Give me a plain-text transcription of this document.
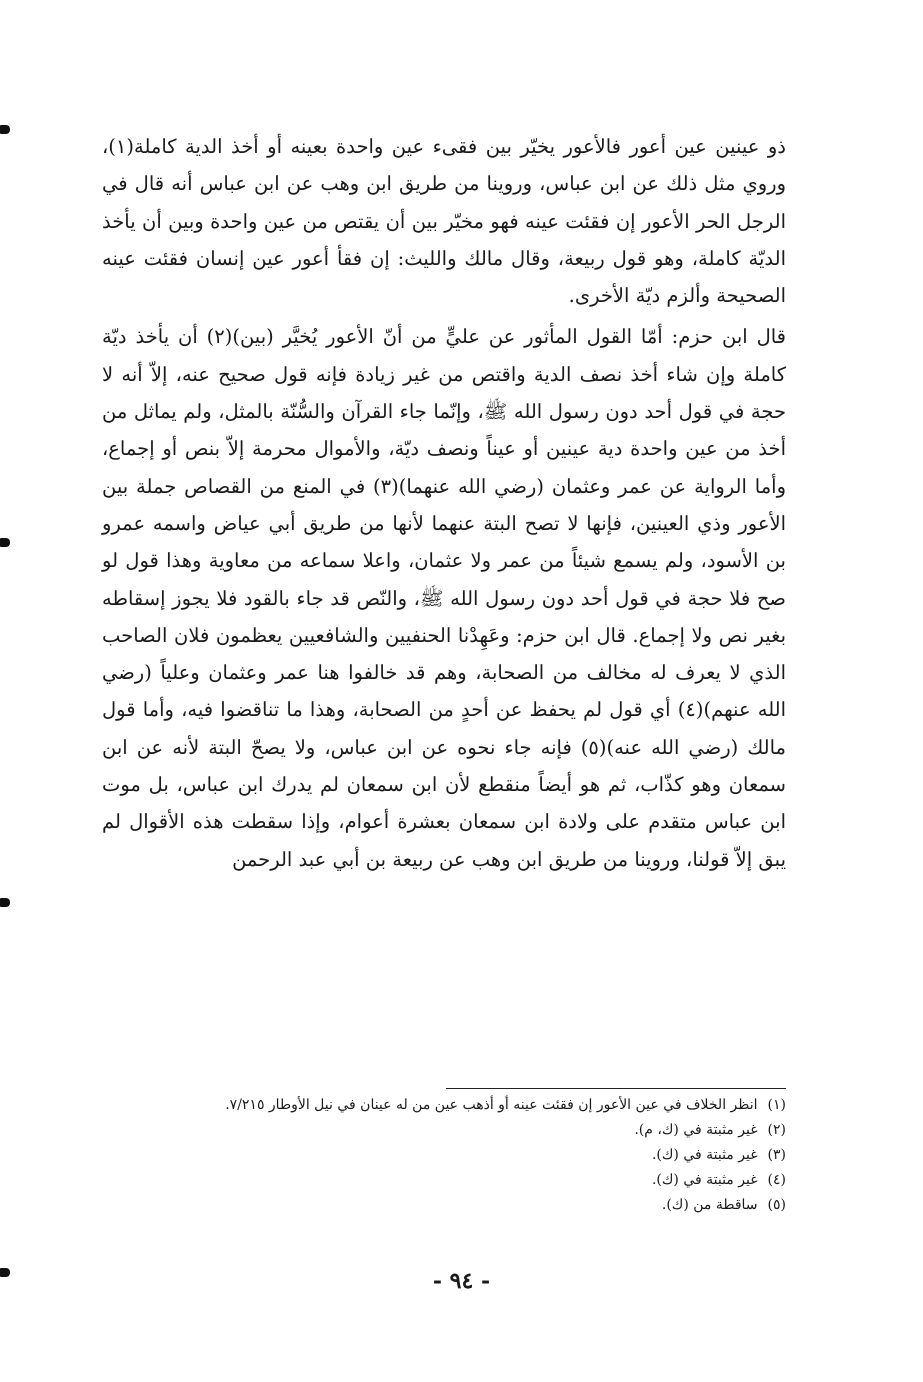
ذو عينين عين أعور فالأعور يخيّر بين فقىء عين واحدة بعينه أو أخذ الدية كاملة(١)، وروي مثل ذلك عن ابن عباس، وروينا من طريق ابن وهب عن ابن عباس أنه قال في الرجل الحر الأعور إن فقئت عينه فهو مخيّر بين أن يقتص من عين واحدة وبين أن يأخذ الديّة كاملة، وهو قول ربيعة، وقال مالك والليث: إن فقأ أعور عين إنسان فقئت عينه الصحيحة وألزم ديّة الأخرى.

قال ابن حزم: أمّا القول المأثور عن عليٍّ من أنّ الأعور يُخيَّر (بين)(٢) أن يأخذ ديّة كاملة وإن شاء أخذ نصف الدية واقتص من غير زيادة فإنه قول صحيح عنه، إلاّ أنه لا حجة في قول أحد دون رسول الله ﷺ، وإنّما جاء القرآن والسُّنّة بالمثل، ولم يماثل من أخذ من عين واحدة دية عينين أو عيناً ونصف ديّة، والأموال محرمة إلاّ بنص أو إجماع، وأما الرواية عن عمر وعثمان (رضي الله عنهما)(٣) في المنع من القصاص جملة بين الأعور وذي العينين، فإنها لا تصح البتة عنهما لأنها من طريق أبي عياض واسمه عمرو بن الأسود، ولم يسمع شيئاً من عمر ولا عثمان، واعلا سماعه من معاوية وهذا قول لو صح فلا حجة في قول أحد دون رسول الله ﷺ، والنّص قد جاء بالقود فلا يجوز إسقاطه بغير نص ولا إجماع. قال ابن حزم: وعَهِدْنا الحنفيين والشافعيين يعظمون فلان الصاحب الذي لا يعرف له مخالف من الصحابة، وهم قد خالفوا هنا عمر وعثمان وعلياً (رضي الله عنهم)(٤) أي قول لم يحفظ عن أحدٍ من الصحابة، وهذا ما تناقضوا فيه، وأما قول مالك (رضي الله عنه)(٥) فإنه جاء نحوه عن ابن عباس، ولا يصحّ البتة لأنه عن ابن سمعان وهو كذّاب، ثم هو أيضاً منقطع لأن ابن سمعان لم يدرك ابن عباس، بل موت ابن عباس متقدم على ولادة ابن سمعان بعشرة أعوام، وإذا سقطت هذه الأقوال لم يبق إلاّ قولنا، وروينا من طريق ابن وهب عن ربيعة بن أبي عبد الرحمن

(١)انظر الخلاف في عين الأعور إن فقئت عينه أو أذهب عين من له عينان في نيل الأوطار ٧/٢١٥.
(٢)غير مثبتة في (ك، م).
(٣)غير مثبتة في (ك).
(٤)غير مثبتة في (ك).
(٥)ساقطة من (ك).
- ٩٤ -
